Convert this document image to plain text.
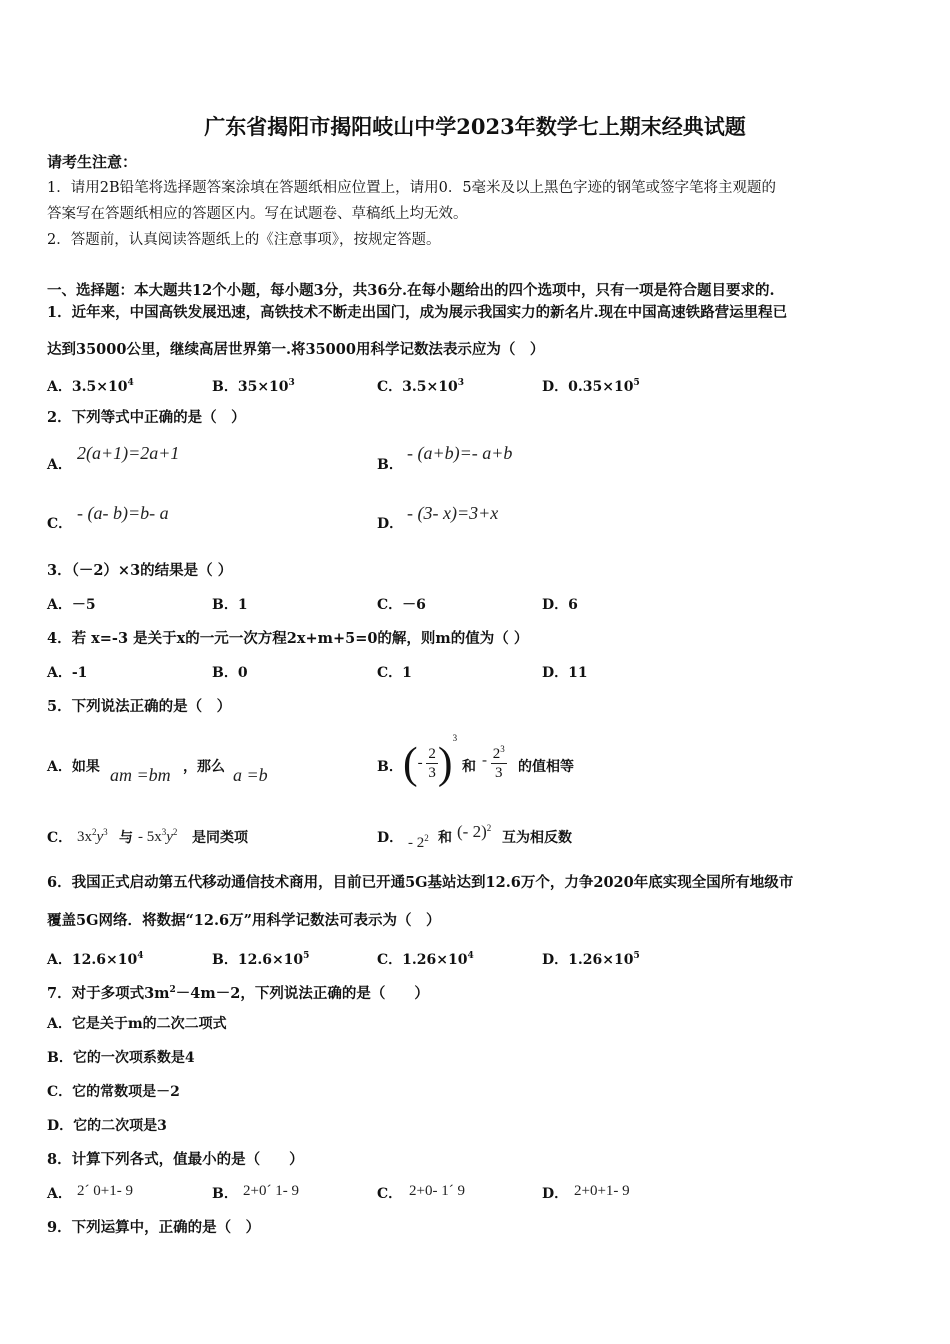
广东省揭阳市揭阳岐山中学2023年数学七上期末经典试题
请考生注意：
1．请用2B铅笔将选择题答案涂填在答题纸相应位置上，请用0．5毫米及以上黑色字迹的钢笔或签字笔将主观题的
答案写在答题纸相应的答题区内。写在试题卷、草稿纸上均无效。
2．答题前，认真阅读答题纸上的《注意事项》，按规定答题。
一、选择题：本大题共12个小题，每小题3分，共36分.在每小题给出的四个选项中，只有一项是符合题目要求的.
1．近年来，中国高铁发展迅速，高铁技术不断走出国门，成为展示我国实力的新名片.现在中国高速铁路营运里程已
达到35000公里，继续高居世界第一.将35000用科学记数法表示应为（　）
A．$3.5\times 10^4$	B．$35\times 10^3$	C．$3.5\times 10^3$	D．$0.35\times 10^5$
2．下列等式中正确的是（　）
A．
2(a+1)=2a+1
B．
- (a+b)=- a+b
C．
- (a- b)=b- a
D．
- (3- x)=3+x
3．（－2）×3的结果是（ ）
A．－5	B．1	C．－6	D．6
4．若 x=-3 是关于x的一元一次方程2x+m+5=0的解，则m的值为（ ）
A．-1	B．0	C．1	D．11
5．下列说法正确的是（　）
A．如果 am =bm ，那么 a =b	B． (- $\frac{2}{3} )^3$
和 - $\frac{2^3}{3}$ 的值相等
C． $3x^2y^3$ 与 - $5x^3y^2$ 是同类项	D． - $2^2$ 和 (- 2)$^2$
互为相反数
6．我国正式启动第五代移动通信技术商用，目前已开通5G基站达到12.6万个，力争2020年底实现全国所有地级市
覆盖5G网络．将数据“12.6万”用科学记数法可表示为（　）
A．$12.6\times 10^4$	B．$12.6\times 10^5$	C．$1.26\times 10^4$	D．$1.26\times 10^5$
7．对于多项式$3m^2-4m-2$，下列说法正确的是（　　）
A．它是关于m的二次二项式
B．它的一次项系数是4
C．它的常数项是－2
D．它的二次项是3
8．计算下列各式，值最小的是（　　）
A． 2´ 0+1- 9	B． 2+0´ 1- 9	C． 2+0- 1´ 9	D． 2+0+1- 9
9．下列运算中，正确的是（　）
